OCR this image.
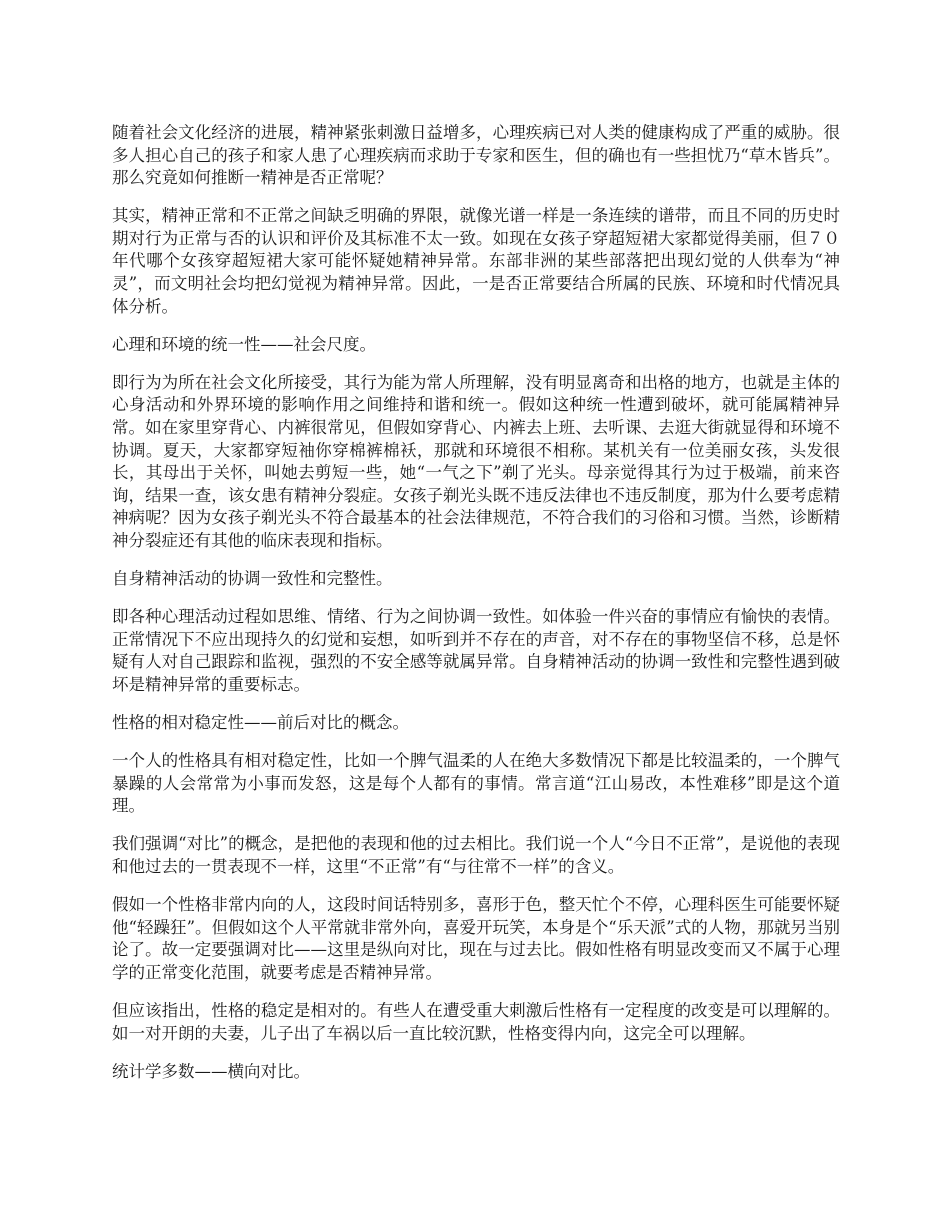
随着社会文化经济的进展，精神紧张刺激日益增多，心理疾病已对人类的健康构成了严重的威胁。很多人担心自己的孩子和家人患了心理疾病而求助于专家和医生，但的确也有一些担忧乃“草木皆兵”。那么究竟如何推断一精神是否正常呢？

其实，精神正常和不正常之间缺乏明确的界限，就像光谱一样是一条连续的谱带，而且不同的历史时期对行为正常与否的认识和评价及其标准不太一致。如现在女孩子穿超短裙大家都觉得美丽，但７０年代哪个女孩穿超短裙大家可能怀疑她精神异常。东部非洲的某些部落把出现幻觉的人供奉为“神灵”，而文明社会均把幻觉视为精神异常。因此，一是否正常要结合所属的民族、环境和时代情况具体分析。

心理和环境的统一性——社会尺度。

即行为为所在社会文化所接受，其行为能为常人所理解，没有明显离奇和出格的地方，也就是主体的心身活动和外界环境的影响作用之间维持和谐和统一。假如这种统一性遭到破坏，就可能属精神异常。如在家里穿背心、内裤很常见，但假如穿背心、内裤去上班、去听课、去逛大街就显得和环境不协调。夏天，大家都穿短袖你穿棉裤棉袄，那就和环境很不相称。某机关有一位美丽女孩，头发很长，其母出于关怀，叫她去剪短一些，她“一气之下”剃了光头。母亲觉得其行为过于极端，前来咨询，结果一查，该女患有精神分裂症。女孩子剃光头既不违反法律也不违反制度，那为什么要考虑精神病呢？因为女孩子剃光头不符合最基本的社会法律规范，不符合我们的习俗和习惯。当然，诊断精神分裂症还有其他的临床表现和指标。

自身精神活动的协调一致性和完整性。

即各种心理活动过程如思维、情绪、行为之间协调一致性。如体验一件兴奋的事情应有愉快的表情。正常情况下不应出现持久的幻觉和妄想，如听到并不存在的声音，对不存在的事物坚信不移，总是怀疑有人对自己跟踪和监视，强烈的不安全感等就属异常。自身精神活动的协调一致性和完整性遇到破坏是精神异常的重要标志。

性格的相对稳定性——前后对比的概念。

一个人的性格具有相对稳定性，比如一个脾气温柔的人在绝大多数情况下都是比较温柔的，一个脾气暴躁的人会常常为小事而发怒，这是每个人都有的事情。常言道“江山易改，本性难移”即是这个道理。

我们强调“对比”的概念，是把他的表现和他的过去相比。我们说一个人“今日不正常”，是说他的表现和他过去的一贯表现不一样，这里“不正常”有“与往常不一样”的含义。

假如一个性格非常内向的人，这段时间话特别多，喜形于色，整天忙个不停，心理科医生可能要怀疑他“轻躁狂”。但假如这个人平常就非常外向，喜爱开玩笑，本身是个“乐天派”式的人物，那就另当别论了。故一定要强调对比——这里是纵向对比，现在与过去比。假如性格有明显改变而又不属于心理学的正常变化范围，就要考虑是否精神异常。

但应该指出，性格的稳定是相对的。有些人在遭受重大刺激后性格有一定程度的改变是可以理解的。如一对开朗的夫妻，儿子出了车祸以后一直比较沉默，性格变得内向，这完全可以理解。

统计学多数——横向对比。
